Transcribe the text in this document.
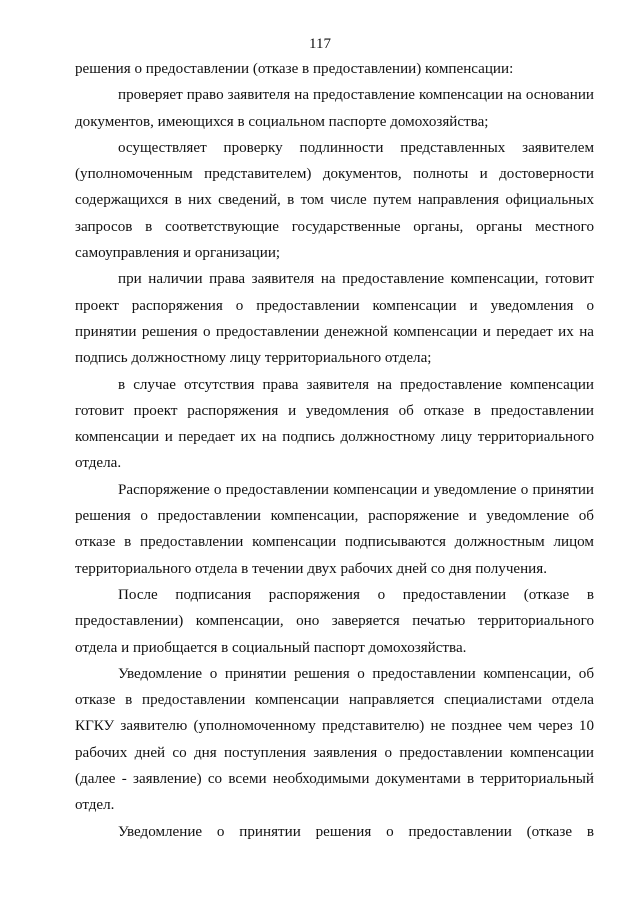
117

решения о предоставлении (отказе в предоставлении) компенсации:

проверяет право заявителя на предоставление компенсации на основании документов, имеющихся в социальном паспорте домохозяйства;

осуществляет проверку подлинности представленных заявителем (уполномоченным представителем) документов, полноты и достоверности содержащихся в них сведений, в том числе путем направления официальных запросов в соответствующие государственные органы, органы местного самоуправления и организации;

при наличии права заявителя на предоставление компенсации, готовит проект распоряжения о предоставлении компенсации и уведомления о принятии решения о предоставлении денежной компенсации и передает их на подпись должностному лицу территориального отдела;

в случае отсутствия права заявителя на предоставление компенсации готовит проект распоряжения и уведомления об отказе в предоставлении компенсации и передает их на подпись должностному лицу территориального отдела.

Распоряжение о предоставлении компенсации и уведомление о принятии решения о предоставлении компенсации, распоряжение и уведомление об отказе в предоставлении компенсации подписываются должностным лицом территориального отдела в течении двух рабочих дней со дня получения.

После подписания распоряжения о предоставлении (отказе в предоставлении) компенсации, оно заверяется печатью территориального отдела и приобщается в социальный паспорт домохозяйства.

Уведомление о принятии решения о предоставлении компенсации, об отказе в предоставлении компенсации направляется специалистами отдела КГКУ заявителю (уполномоченному представителю) не позднее чем через 10 рабочих дней со дня поступления заявления о предоставлении компенсации (далее - заявление) со всеми необходимыми документами в территориальный отдел.

Уведомление о принятии решения о предоставлении (отказе в
